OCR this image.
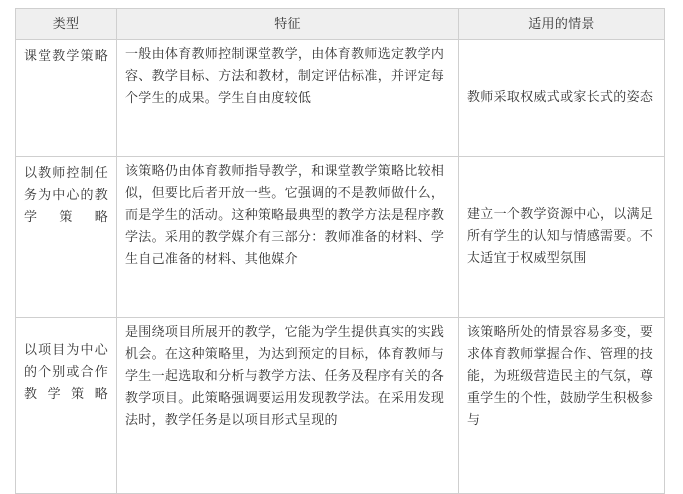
类型	特征	适用的情景
课堂教学策略	一般由体育教师控制课堂教学，由体育教师选定教学内容、教学目标、方法和教材，制定评估标准，并评定每个学生的成果。学生自由度较低	教师采取权威式或家长式的姿态
以教师控制任务为中心的教学策略	该策略仍由体育教师指导教学，和课堂教学策略比较相似，但要比后者开放一些。它强调的不是教师做什么，而是学生的活动。这种策略最典型的教学方法是程序教学法。采用的教学媒介有三部分：教师准备的材料、学生自己准备的材料、其他媒介	建立一个教学资源中心，以满足所有学生的认知与情感需要。不太适宜于权威型氛围
以项目为中心的个别或合作教学策略	是围绕项目所展开的教学，它能为学生提供真实的实践机会。在这种策略里，为达到预定的目标，体育教师与学生一起选取和分析与教学方法、任务及程序有关的各教学项目。此策略强调要运用发现教学法。在采用发现法时，教学任务是以项目形式呈现的	该策略所处的情景容易多变，要求体育教师掌握合作、管理的技能，为班级营造民主的气氛，尊重学生的个性，鼓励学生积极参与
